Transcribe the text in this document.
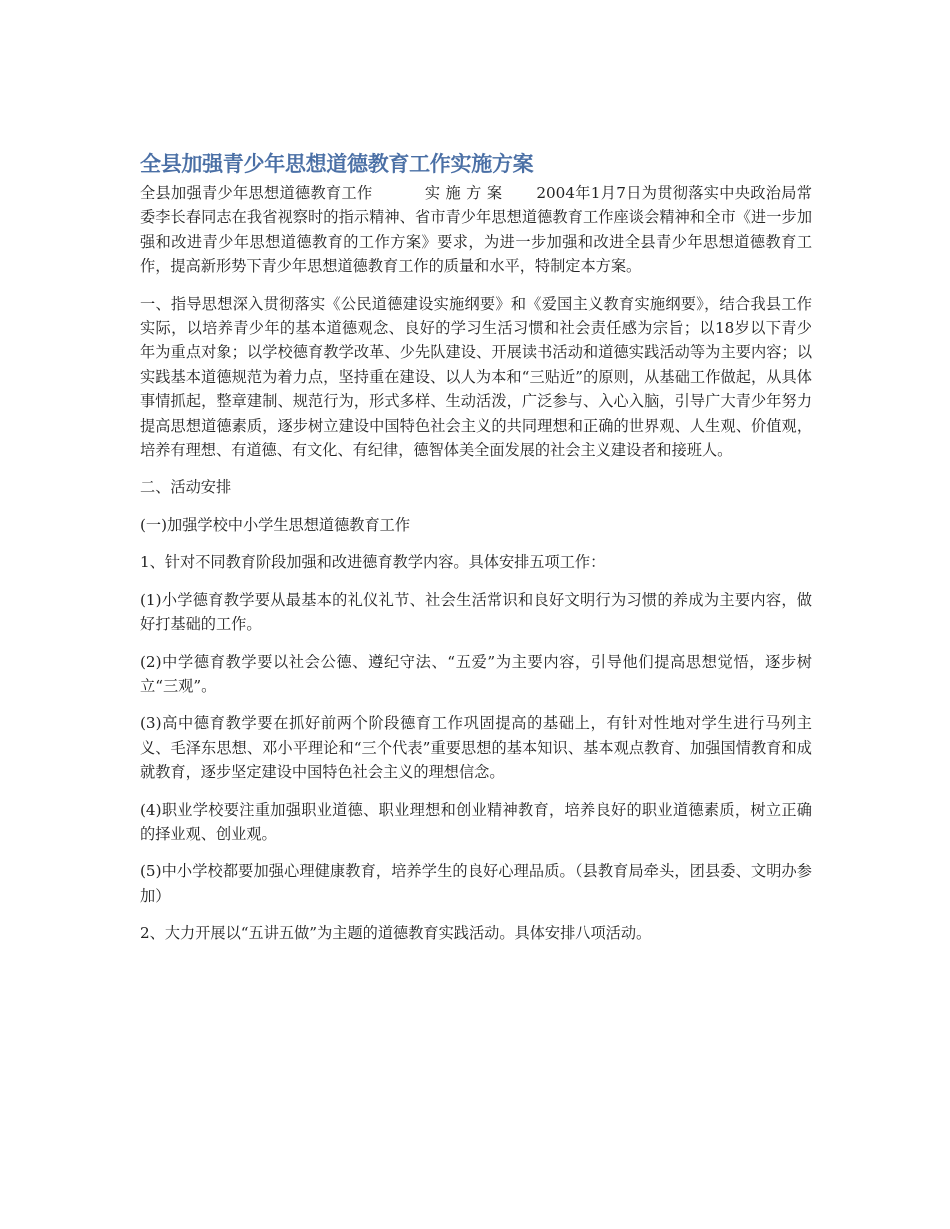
全县加强青少年思想道德教育工作实施方案

全县加强青少年思想道德教育工作	实 施 方 案 2004年1月7日为贯彻落实中央政治局常委李长春同志在我省视察时的指示精神、省市青少年思想道德教育工作座谈会精神和全市《进一步加强和改进青少年思想道德教育的工作方案》要求，为进一步加强和改进全县青少年思想道德教育工作，提高新形势下青少年思想道德教育工作的质量和水平，特制定本方案。

一、指导思想深入贯彻落实《公民道德建设实施纲要》和《爱国主义教育实施纲要》，结合我县工作实际，以培养青少年的基本道德观念、良好的学习生活习惯和社会责任感为宗旨；以18岁以下青少年为重点对象；以学校德育教学改革、少先队建设、开展读书活动和道德实践活动等为主要内容；以实践基本道德规范为着力点，坚持重在建设、以人为本和“三贴近”的原则，从基础工作做起，从具体事情抓起，整章建制、规范行为，形式多样、生动活泼，广泛参与、入心入脑，引导广大青少年努力提高思想道德素质，逐步树立建设中国特色社会主义的共同理想和正确的世界观、人生观、价值观，培养有理想、有道德、有文化、有纪律，德智体美全面发展的社会主义建设者和接班人。

二、活动安排

(一)加强学校中小学生思想道德教育工作

1、针对不同教育阶段加强和改进德育教学内容。具体安排五项工作：

(1)小学德育教学要从最基本的礼仪礼节、社会生活常识和良好文明行为习惯的养成为主要内容，做好打基础的工作。

(2)中学德育教学要以社会公德、遵纪守法、“五爱”为主要内容，引导他们提高思想觉悟，逐步树立“三观”。

(3)高中德育教学要在抓好前两个阶段德育工作巩固提高的基础上，有针对性地对学生进行马列主义、毛泽东思想、邓小平理论和“三个代表”重要思想的基本知识、基本观点教育、加强国情教育和成就教育，逐步坚定建设中国特色社会主义的理想信念。

(4)职业学校要注重加强职业道德、职业理想和创业精神教育，培养良好的职业道德素质，树立正确的择业观、创业观。

(5)中小学校都要加强心理健康教育，培养学生的良好心理品质。（县教育局牵头，团县委、文明办参加）

2、大力开展以“五讲五做”为主题的道德教育实践活动。具体安排八项活动。
